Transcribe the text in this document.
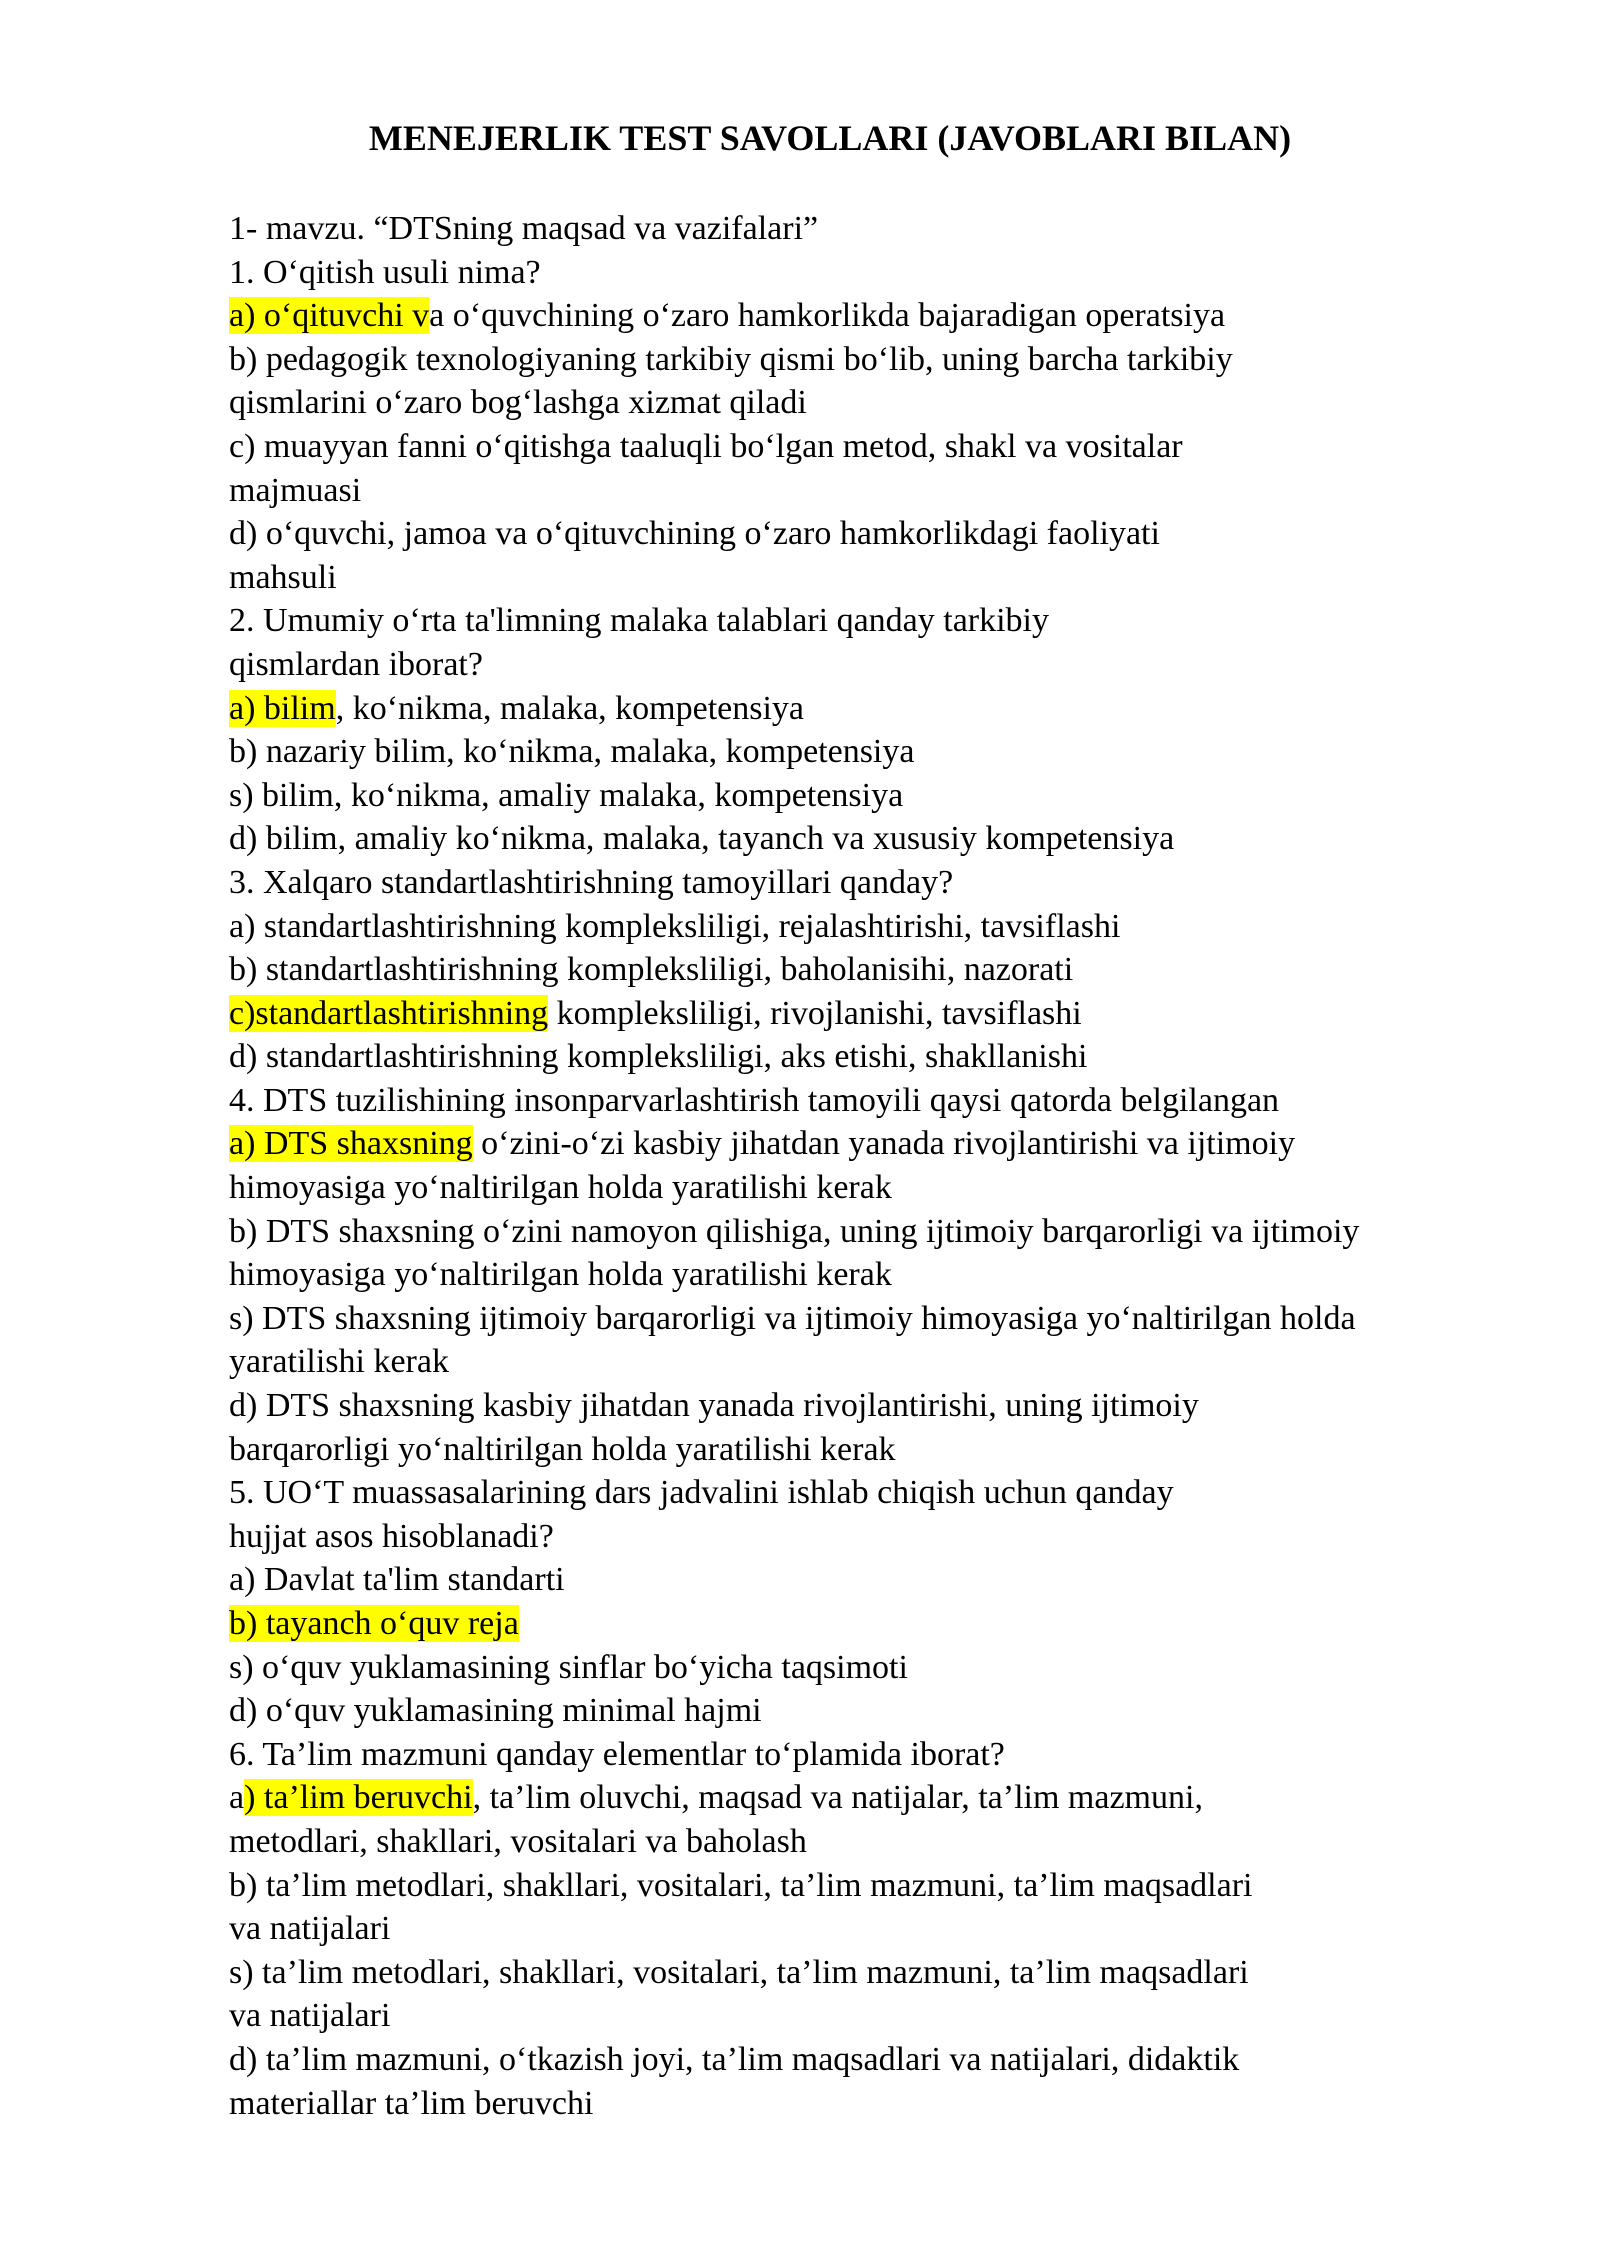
MENEJERLIK TEST SAVOLLARI (JAVOBLARI BILAN)
1- mavzu. “DTSning maqsad va vazifalari”
1. Oʻqitish usuli nima?
a) oʻqituvchi va oʻquvchining oʻzaro hamkorlikda bajaradigan operatsiya
b) pedagogik texnologiyaning tarkibiy qismi boʻlib, uning barcha tarkibiy
qismlarini oʻzaro bogʻlashga xizmat qiladi
c) muayyan fanni oʻqitishga taaluqli boʻlgan metod, shakl va vositalar
majmuasi
d) oʻquvchi, jamoa va oʻqituvchining oʻzaro hamkorlikdagi faoliyati
mahsuli
2. Umumiy oʻrta ta'limning malaka talablari qanday tarkibiy
qismlardan iborat?
a) bilim, koʻnikma, malaka, kompetensiya
b) nazariy bilim, koʻnikma, malaka, kompetensiya
s) bilim, koʻnikma, amaliy malaka, kompetensiya
d) bilim, amaliy koʻnikma, malaka, tayanch va xususiy kompetensiya
3. Xalqaro standartlashtirishning tamoyillari qanday?
a) standartlashtirishning kompleksliligi, rejalashtirishi, tavsiflashi
b) standartlashtirishning kompleksliligi, baholanisihi, nazorati
c)standartlashtirishning kompleksliligi, rivojlanishi, tavsiflashi
d) standartlashtirishning kompleksliligi, aks etishi, shakllanishi
4. DTS tuzilishining insonparvarlashtirish tamoyili qaysi qatorda belgilangan
a) DTS shaxsning oʻzini-oʻzi kasbiy jihatdan yanada rivojlantirishi va ijtimoiy
himoyasiga yoʻnaltirilgan holda yaratilishi kerak
b) DTS shaxsning oʻzini namoyon qilishiga, uning ijtimoiy barqarorligi va ijtimoiy
himoyasiga yoʻnaltirilgan holda yaratilishi kerak
s) DTS shaxsning ijtimoiy barqarorligi va ijtimoiy himoyasiga yoʻnaltirilgan holda
yaratilishi kerak
d) DTS shaxsning kasbiy jihatdan yanada rivojlantirishi, uning ijtimoiy
barqarorligi yoʻnaltirilgan holda yaratilishi kerak
5. UOʻT muassasalarining dars jadvalini ishlab chiqish uchun qanday
hujjat asos hisoblanadi?
a) Davlat ta'lim standarti
b) tayanch oʻquv reja
s) oʻquv yuklamasining sinflar boʻyicha taqsimoti
d) oʻquv yuklamasining minimal hajmi
6. Ta’lim mazmuni qanday elementlar toʻplamida iborat?
a) ta’lim beruvchi, ta’lim oluvchi, maqsad va natijalar, ta’lim mazmuni,
metodlari, shakllari, vositalari va baholash
b) ta’lim metodlari, shakllari, vositalari, ta’lim mazmuni, ta’lim maqsadlari
va natijalari
s) ta’lim metodlari, shakllari, vositalari, ta’lim mazmuni, ta’lim maqsadlari
va natijalari
d) ta’lim mazmuni, oʻtkazish joyi, ta’lim maqsadlari va natijalari, didaktik
materiallar ta’lim beruvchi
